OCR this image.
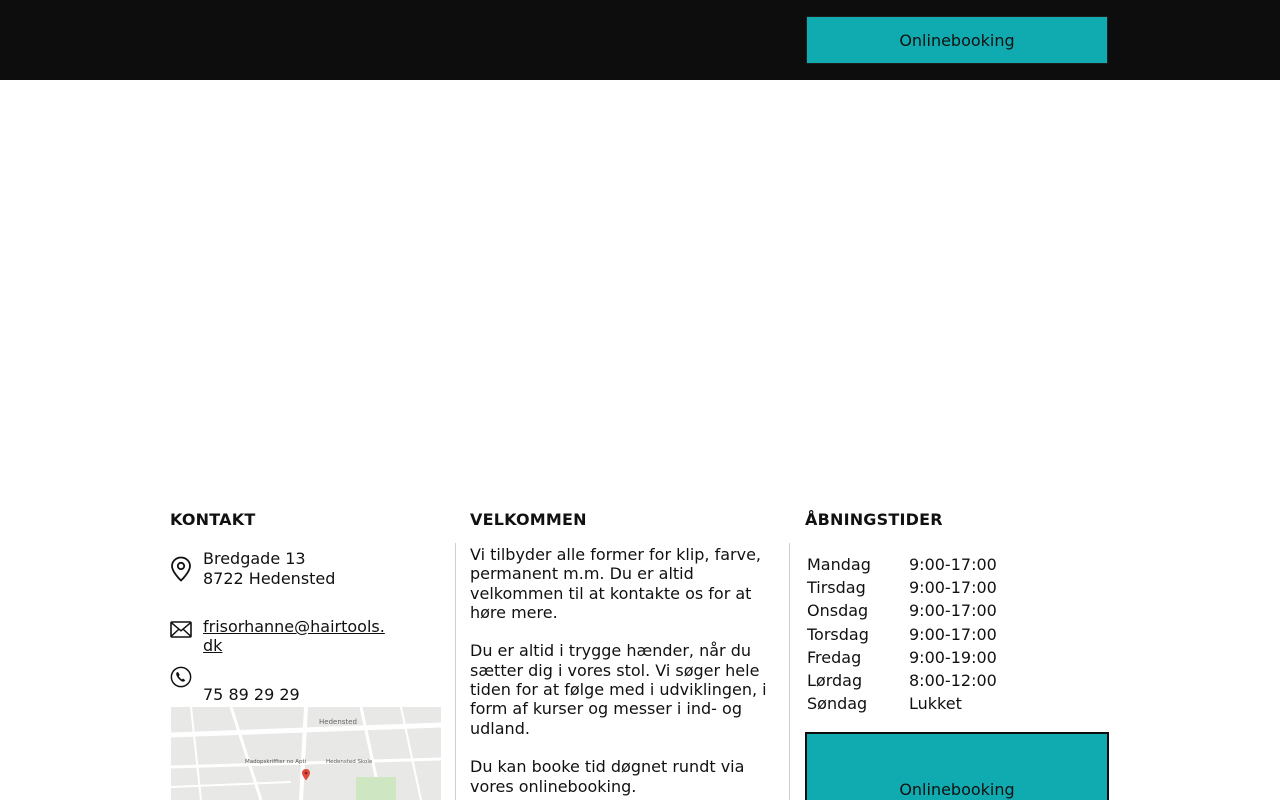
Onlinebooking
KONTAKT	VELKOMMEN	ÅBNINGSTIDER
Bredgade 13
8722 Hedensted
frisorhanne@hairtools.dk
75 89 29 29
Hedensted
Madopskriffter no Apti	Hedensted Skole

Vi tilbyder alle former for klip, farve, permanent m.m. Du er altid velkommen til at kontakte os for at høre mere.

Du er altid i trygge hænder, når du sætter dig i vores stol. Vi søger hele tiden for at følge med i udviklingen, i form af kurser og messer i ind- og udland.

Du kan booke tid døgnet rundt via vores onlinebooking.

Mandag	9:00-17:00
Tirsdag	9:00-17:00
Onsdag	9:00-17:00
Torsdag	9:00-17:00
Fredag	9:00-19:00
Lørdag	8:00-12:00
Søndag	Lukket
Onlinebooking
